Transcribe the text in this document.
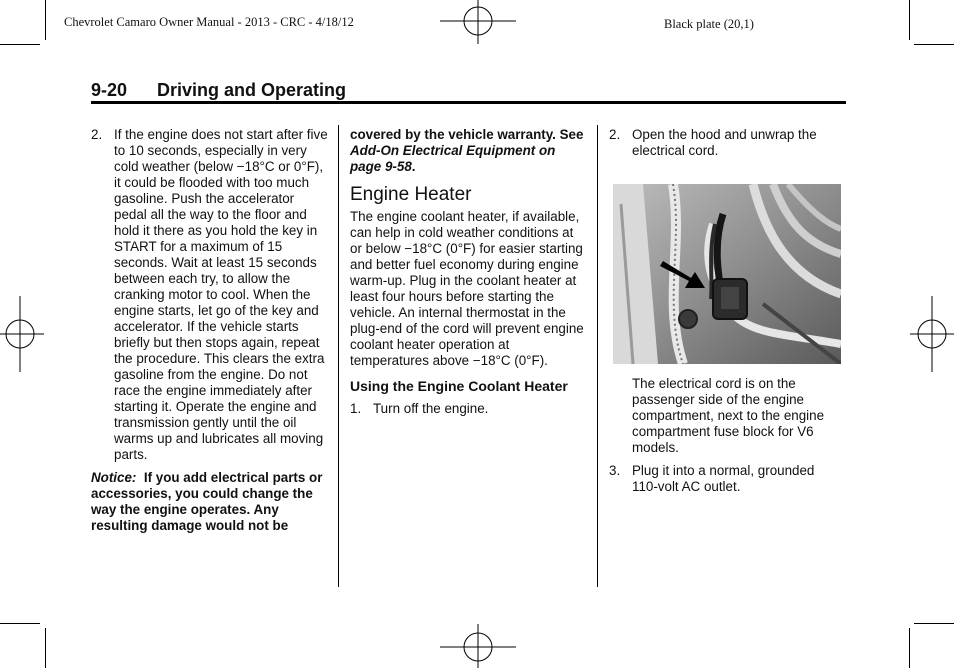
Chevrolet Camaro Owner Manual - 2013 - CRC - 4/18/12	Black plate (20,1)
9-20 Driving and Operating
2. If the engine does not start after five to 10 seconds, especially in very cold weather (below −18°C or 0°F), it could be flooded with too much gasoline. Push the accelerator pedal all the way to the floor and hold it there as you hold the key in START for a maximum of 15 seconds. Wait at least 15 seconds between each try, to allow the cranking motor to cool. When the engine starts, let go of the key and accelerator. If the vehicle starts briefly but then stops again, repeat the procedure. This clears the extra gasoline from the engine. Do not race the engine immediately after starting it. Operate the engine and transmission gently until the oil warms up and lubricates all moving parts.
Notice: If you add electrical parts or accessories, you could change the way the engine operates. Any resulting damage would not be
covered by the vehicle warranty. See Add-On Electrical Equipment on page 9-58.
Engine Heater
The engine coolant heater, if available, can help in cold weather conditions at or below −18°C (0°F) for easier starting and better fuel economy during engine warm-up. Plug in the coolant heater at least four hours before starting the vehicle. An internal thermostat in the plug-end of the cord will prevent engine coolant heater operation at temperatures above −18°C (0°F).
Using the Engine Coolant Heater
1. Turn off the engine.
2. Open the hood and unwrap the electrical cord.
The electrical cord is on the passenger side of the engine compartment, next to the engine compartment fuse block for V6 models.
3. Plug it into a normal, grounded 110-volt AC outlet.
